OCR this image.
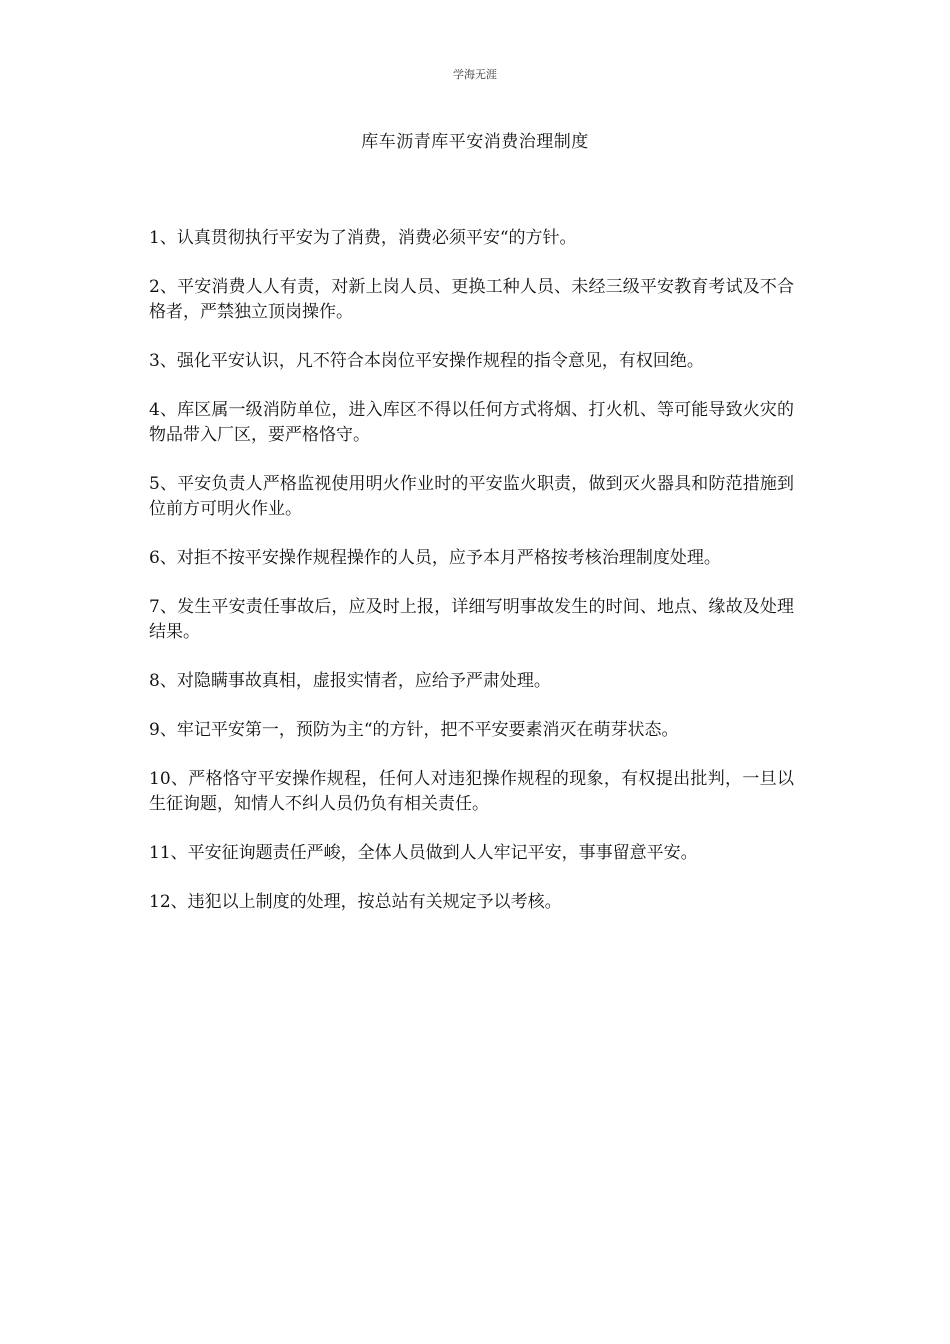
学海无涯
库车沥青库平安消费治理制度

1、认真贯彻执行平安为了消费，消费必须平安“的方针。

2、平安消费人人有责，对新上岗人员、更换工种人员、未经三级平安教育考试及不合格者，严禁独立顶岗操作。

3、强化平安认识，凡不符合本岗位平安操作规程的指令意见，有权回绝。

4、库区属一级消防单位，进入库区不得以任何方式将烟、打火机、等可能导致火灾的物品带入厂区，要严格恪守。

5、平安负责人严格监视使用明火作业时的平安监火职责，做到灭火器具和防范措施到位前方可明火作业。

6、对拒不按平安操作规程操作的人员，应予本月严格按考核治理制度处理。

7、发生平安责任事故后，应及时上报，详细写明事故发生的时间、地点、缘故及处理结果。

8、对隐瞒事故真相，虚报实情者，应给予严肃处理。

9、牢记平安第一，预防为主“的方针，把不平安要素消灭在萌芽状态。

10、严格恪守平安操作规程，任何人对违犯操作规程的现象，有权提出批判，一旦以生征询题，知情人不纠人员仍负有相关责任。

11、平安征询题责任严峻，全体人员做到人人牢记平安，事事留意平安。

12、违犯以上制度的处理，按总站有关规定予以考核。
